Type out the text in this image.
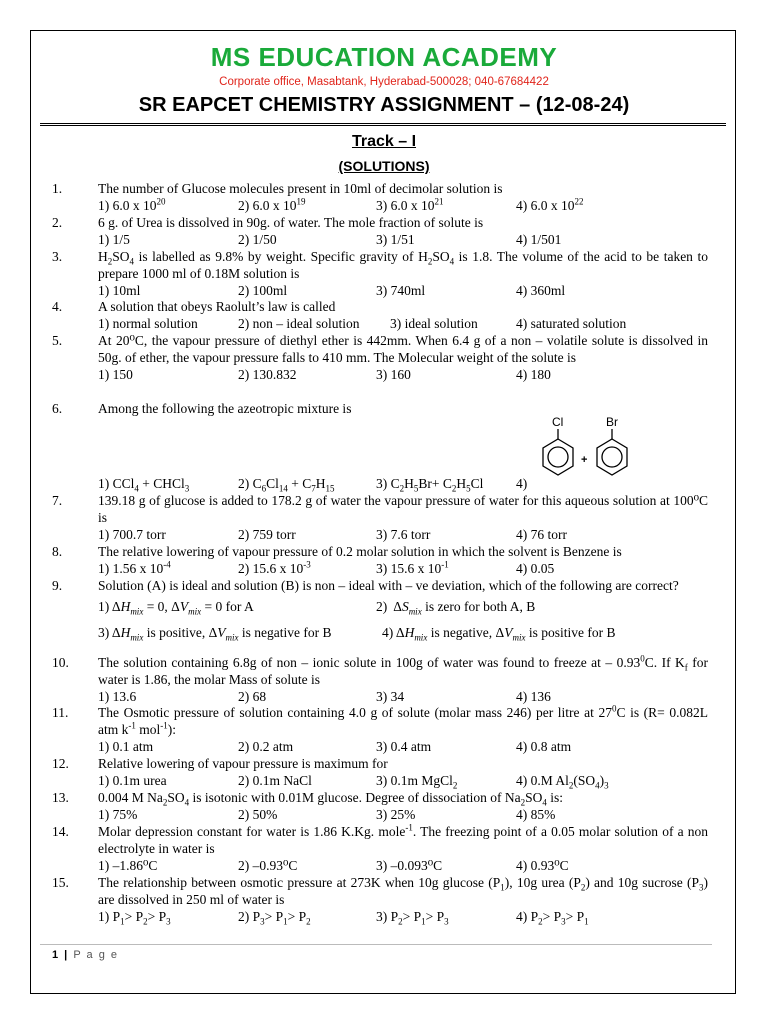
MS EDUCATION ACADEMY
Corporate office, Masabtank, Hyderabad-500028; 040-67684422
SR EAPCET CHEMISTRY ASSIGNMENT – (12-08-24)
Track – I
(SOLUTIONS)
1.	The number of Glucose molecules present in 10ml of decimolar solution is
1) 6.0 x $10^{20}$	2) 6.0 x $10^{19}$	3) 6.0 x $10^{21}$	4) 6.0 x $10^{22}$
2.	6 g. of Urea is dissolved in 90g. of water. The mole fraction of solute is
1) 1/5	2) 1/50	3) 1/51	4) 1/501
3.	$H_2SO_4$ is labelled as 9.8% by weight. Specific gravity of $H_2SO_4$ is 1.8. The volume of the acid to be taken to prepare 1000 ml of 0.18M solution is
1) 10ml	2) 100ml	3) 740ml	4) 360ml
4.	A solution that obeys Raolult’s law is called
1) normal solution	2) non – ideal solution 3) ideal solution	4) saturated solution
5.	At 20⁰C, the vapour pressure of diethyl ether is 442mm. When 6.4 g of a non – volatile solute is dissolved in 50g. of ether, the vapour pressure falls to 410 mm. The Molecular weight of the solute is
1) 150	2) 130.832	3) 160	4) 180
6.	Among the following the azeotropic mixture is
1) CCl$_4$ + CHCl$_3$	2) $C_6Cl_{14} + C_7H_{15}$	3) $C_2H_5Br+ C_2H_5Cl$ 4)
Cl	Br
+
7.	139.18 g of glucose is added to 178.2 g of water the vapour pressure of water for this aqueous solution at 100⁰C is
1) 700.7 torr	2) 759 torr	3) 7.6 torr	4) 76 torr
8.	The relative lowering of vapour pressure of 0.2 molar solution in which the solvent is Benzene is
1) 1.56 x $10^{-4}$	2) 15.6 x $10^{-3}$	3) 15.6 x $10^{-1}$	4) 0.05
9.	Solution (A) is ideal and solution (B) is non – ideal with – ve deviation, which of the following are correct?
1) $\Delta H_{mix} = 0$, $\Delta V_{mix} = 0$ for A	2)  $\Delta S_{mix}$ is zero for both A, B
3) $\Delta H_{mix}$ is positive, $\Delta V_{mix}$ is negative for B	4) $\Delta H_{mix}$ is negative, $\Delta V_{mix}$ is positive for B
10. The solution containing 6.8g of non – ionic solute in 100g of water was found to freeze at – 0.93$^0$C. If $K_f$ for water is 1.86, the molar Mass of solute is
1) 13.6	2) 68	3) 34	4) 136
11. The Osmotic pressure of solution containing 4.0 g of solute (molar mass 246) per litre at $27^0C$ is (R= 0.082L atm $k^{-1}$ mol$^{-1}$):
1) 0.1 atm	2) 0.2 atm	3) 0.4 atm	4) 0.8 atm
12. Relative lowering of vapour pressure is maximum for
1) 0.1m urea	2) 0.1m NaCl	3) 0.1m MgCl$_2$	4) 0.M $Al_2(SO_4)_3$
13. 0.004 M $Na_2SO_4$ is isotonic with 0.01M glucose. Degree of dissociation of $Na_2SO_4$ is:
1) 75%	2) 50%	3) 25%	4) 85%
14. Molar depression constant for water is 1.86 K.Kg. mole$^{-1}$. The freezing point of a 0.05 molar solution of a non electrolyte in water is
1) –1.86⁰C	2) –0.93⁰C	3) –0.093⁰C	4) 0.93⁰C
15. The relationship between osmotic pressure at 273K when 10g glucose $(P_1)$, 10g urea $(P_2)$ and 10g sucrose $(P_3)$ are dissolved in 250 ml of water is
1) $P_1> P_2> P_3$	2) $P_3> P_1> P_2$	3) $P_2> P_1> P_3$	4) $P_2> P_3> P_1$
1 | P a g e
